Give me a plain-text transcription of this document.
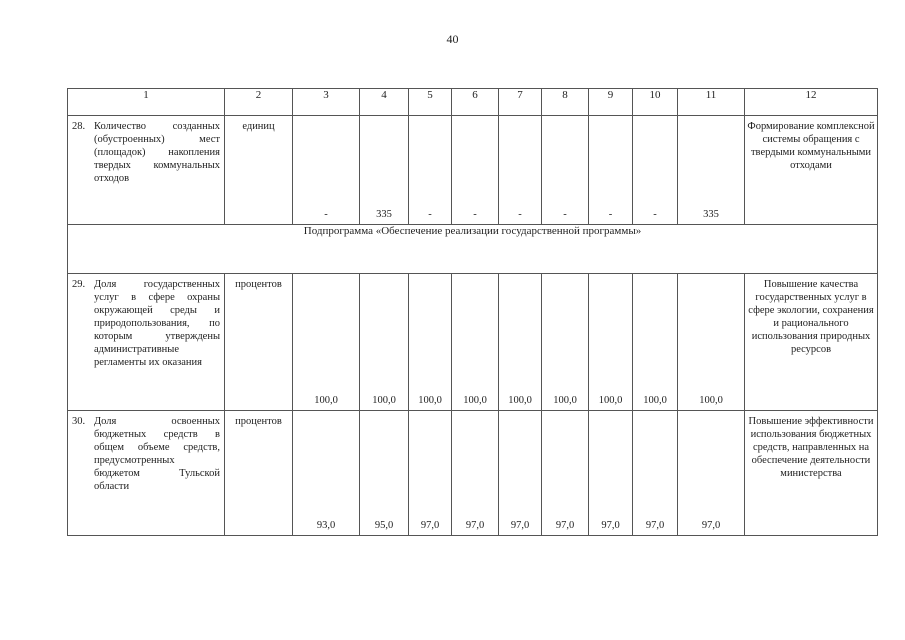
40
1	2	3	4	5	6	7	8	9	10	11	12

28. Количество созданных (обустроенных) мест (площадок) накопления твердых коммунальных отходов	единиц	-	335	-	-	-	-	-	-	335	Формирование комплексной системы обращения с твердыми коммунальными отходами
Подпрограмма «Обеспечение реализации государственной программы»											

29. Доля государственных услуг в сфере охраны окружающей среды и природопользования, по которым утверждены административные регламенты их оказания	процентов	100,0	100,0	100,0	100,0	100,0	100,0	100,0	100,0	100,0	Повышение качества государственных услуг в сфере экологии, сохранения и рационального использования природных ресурсов

30. Доля освоенных бюджетных средств в общем объеме средств, предусмотренных бюджетом Тульской области	процентов	93,0	95,0	97,0	97,0	97,0	97,0	97,0	97,0	97,0	Повышение эффективности использования бюджетных средств, направленных на обеспечение деятельности министерства
